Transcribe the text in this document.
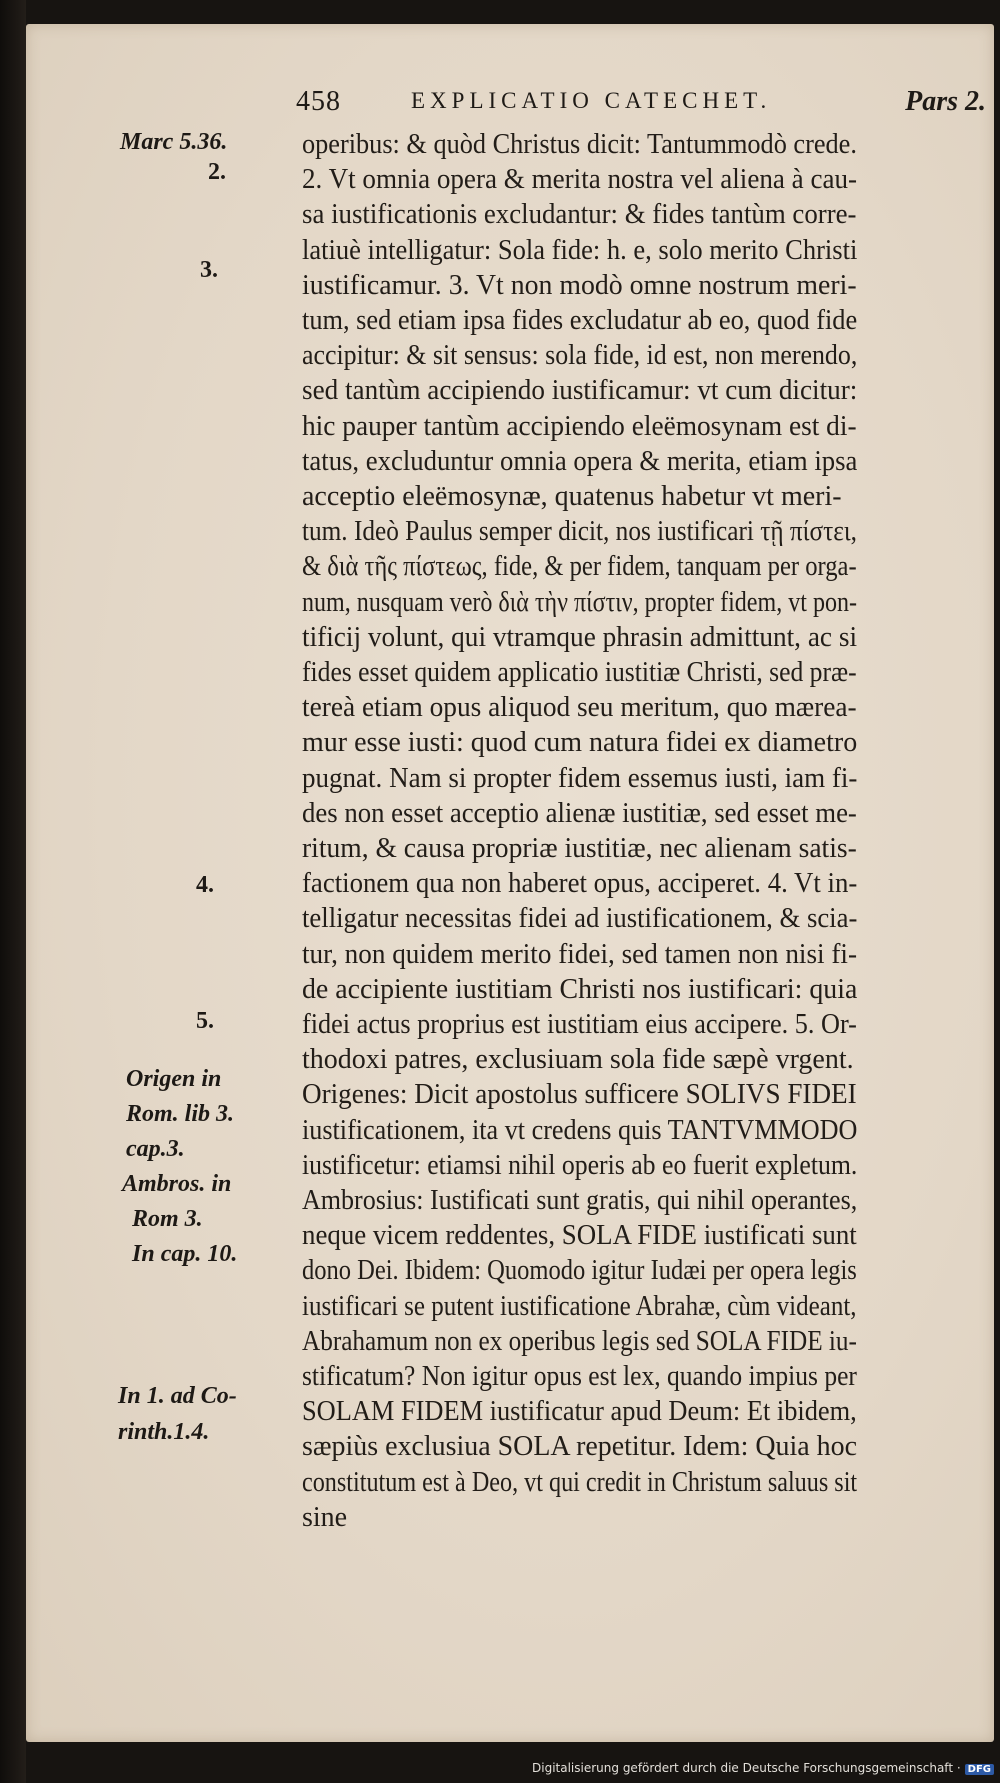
458	EXPLICATIO CATECHET.	Pars 2.
Marc 5.36.
2.
3.
4.
5.
Origen in
Rom. lib 3.
cap.3.
Ambros. in
Rom 3.
In cap. 10.
In 1. ad Co-
rinth.1.4.
operibus: & quòd Christus dicit: Tantummodò crede.
2. Vt omnia opera & merita nostra vel aliena à cau-
sa iustificationis excludantur: & fides tantùm corre-
latiuè intelligatur: Sola fide: h. e, solo merito Christi
iustificamur. 3. Vt non modò omne nostrum meri-
tum, sed etiam ipsa fides excludatur ab eo, quod fide
accipitur: & sit sensus: sola fide, id est, non merendo,
sed tantùm accipiendo iustificamur: vt cum dicitur:
hic pauper tantùm accipiendo eleëmosynam est di-
tatus, excluduntur omnia opera & merita, etiam ipsa
acceptio eleëmosynæ, quatenus habetur vt meri-
tum. Ideò Paulus semper dicit, nos iustificari τῇ πίστει,
& διὰ τῆς πίστεως, fide, & per fidem, tanquam per orga-
num, nusquam verò διὰ τὴν πίστιν, propter fidem, vt pon-
tificij volunt, qui vtramque phrasin admittunt, ac si
fides esset quidem applicatio iustitiæ Christi, sed præ-
tereà etiam opus aliquod seu meritum, quo mærea-
mur esse iusti: quod cum natura fidei ex diametro
pugnat. Nam si propter fidem essemus iusti, iam fi-
des non esset acceptio alienæ iustitiæ, sed esset me-
ritum, & causa propriæ iustitiæ, nec alienam satis-
factionem qua non haberet opus, acciperet. 4. Vt in-
telligatur necessitas fidei ad iustificationem, & scia-
tur, non quidem merito fidei, sed tamen non nisi fi-
de accipiente iustitiam Christi nos iustificari: quia
fidei actus proprius est iustitiam eius accipere. 5. Or-
thodoxi patres, exclusiuam sola fide sæpè vrgent.
Origenes: Dicit apostolus sufficere SOLIVS FIDEI
iustificationem, ita vt credens quis TANTVMMODO
iustificetur: etiamsi nihil operis ab eo fuerit expletum.
Ambrosius: Iustificati sunt gratis, qui nihil operantes,
neque vicem reddentes, SOLA FIDE iustificati sunt
dono Dei. Ibidem: Quomodo igitur Iudæi per opera legis
iustificari se putent iustificatione Abrahæ, cùm videant,
Abrahamum non ex operibus legis sed SOLA FIDE iu-
stificatum? Non igitur opus est lex, quando impius per
SOLAM FIDEM iustificatur apud Deum: Et ibidem,
sæpiùs exclusiua SOLA repetitur. Idem: Quia hoc
constitutum est à Deo, vt qui credit in Christum saluus sit
sine
Digitalisierung gefördert durch die Deutsche Forschungsgemeinschaft · DFG
